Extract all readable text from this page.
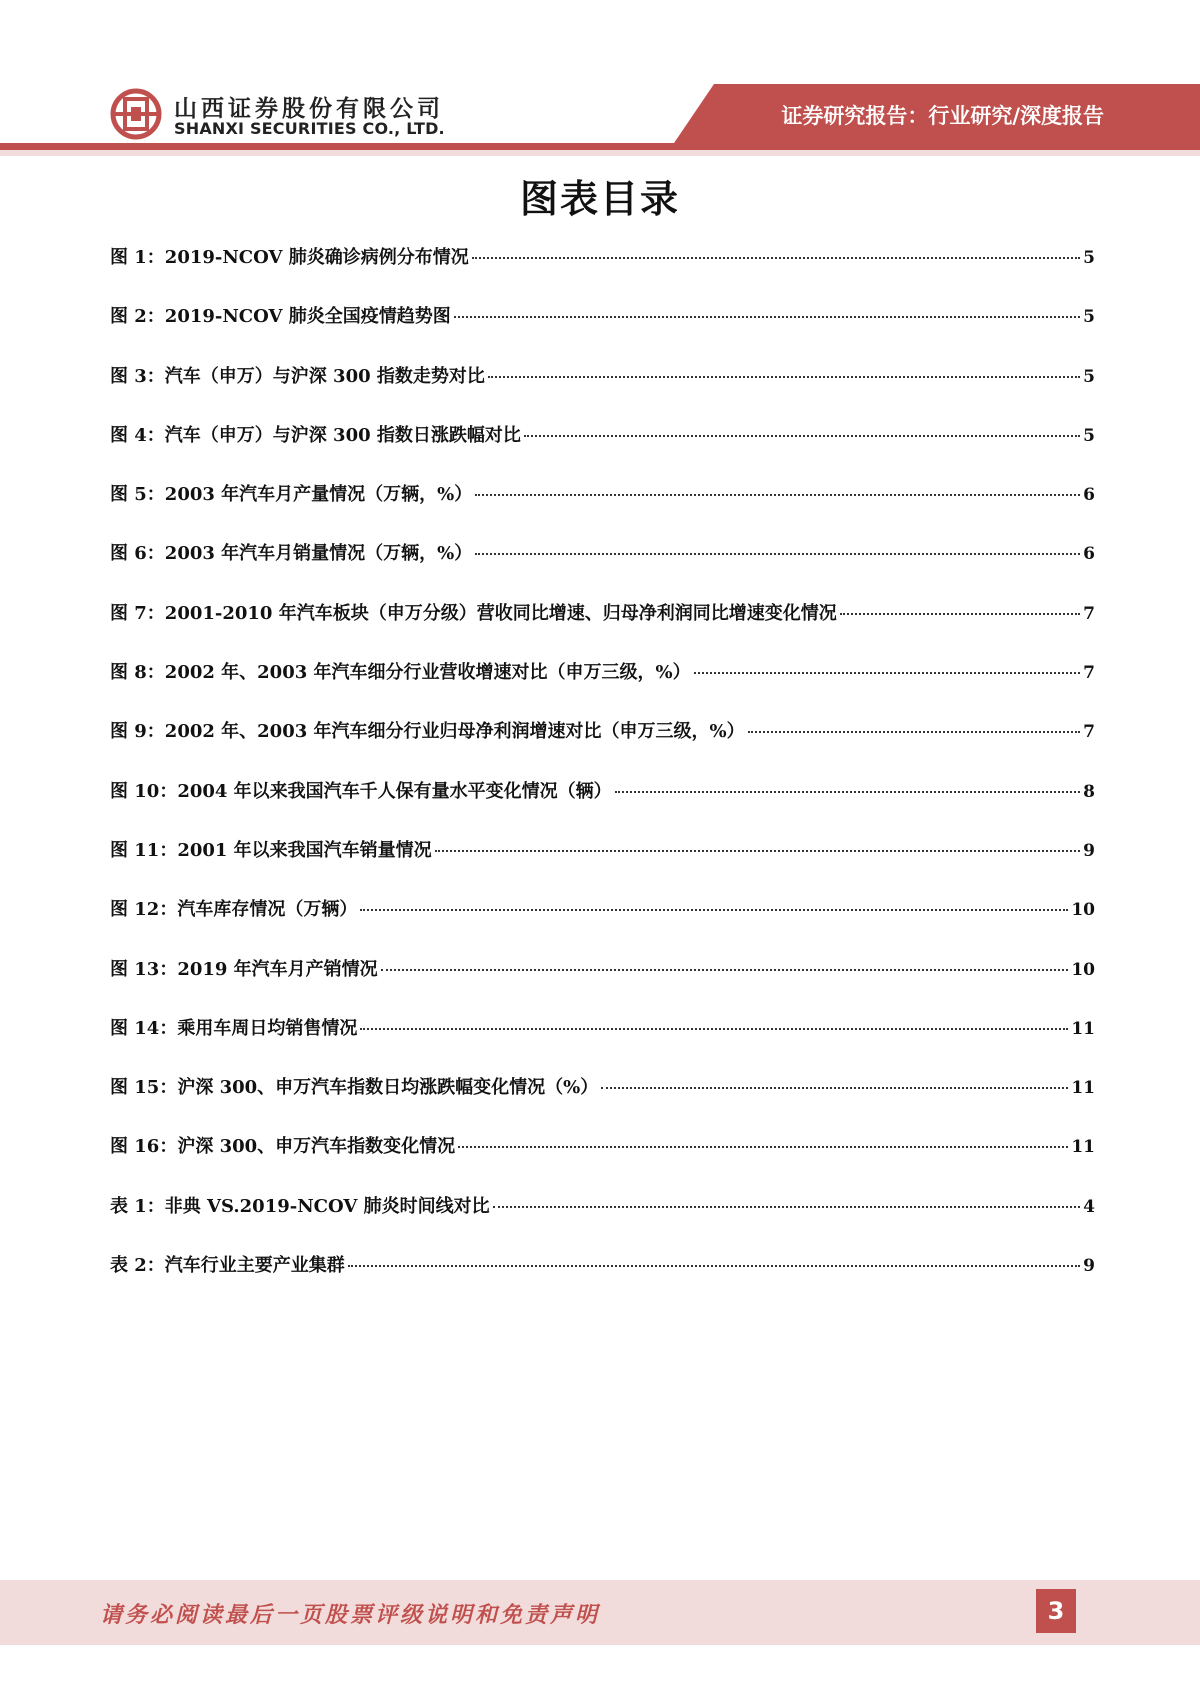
山西证券股份有限公司
SHANXI SECURITIES CO., LTD.
证券研究报告：行业研究/深度报告
图表目录
图 1：2019-NCOV 肺炎确诊病例分布情况	5
图 2：2019-NCOV 肺炎全国疫情趋势图	5
图 3：汽车（申万）与沪深 300 指数走势对比	5
图 4：汽车（申万）与沪深 300 指数日涨跌幅对比	5
图 5：2003 年汽车月产量情况（万辆，%）	6
图 6：2003 年汽车月销量情况（万辆，%）	6
图 7：2001-2010 年汽车板块（申万分级）营收同比增速、归母净利润同比增速变化情况	7
图 8：2002 年、2003 年汽车细分行业营收增速对比（申万三级，%）	7
图 9：2002 年、2003 年汽车细分行业归母净利润增速对比（申万三级，%）	7
图 10：2004 年以来我国汽车千人保有量水平变化情况（辆）	8
图 11：2001 年以来我国汽车销量情况	9
图 12：汽车库存情况（万辆）	10
图 13：2019 年汽车月产销情况	10
图 14：乘用车周日均销售情况	11
图 15：沪深 300、申万汽车指数日均涨跌幅变化情况（%）	11
图 16：沪深 300、申万汽车指数变化情况	11
表 1：非典 VS.2019-NCOV 肺炎时间线对比	4
表 2：汽车行业主要产业集群	9
请务必阅读最后一页股票评级说明和免责声明	3
